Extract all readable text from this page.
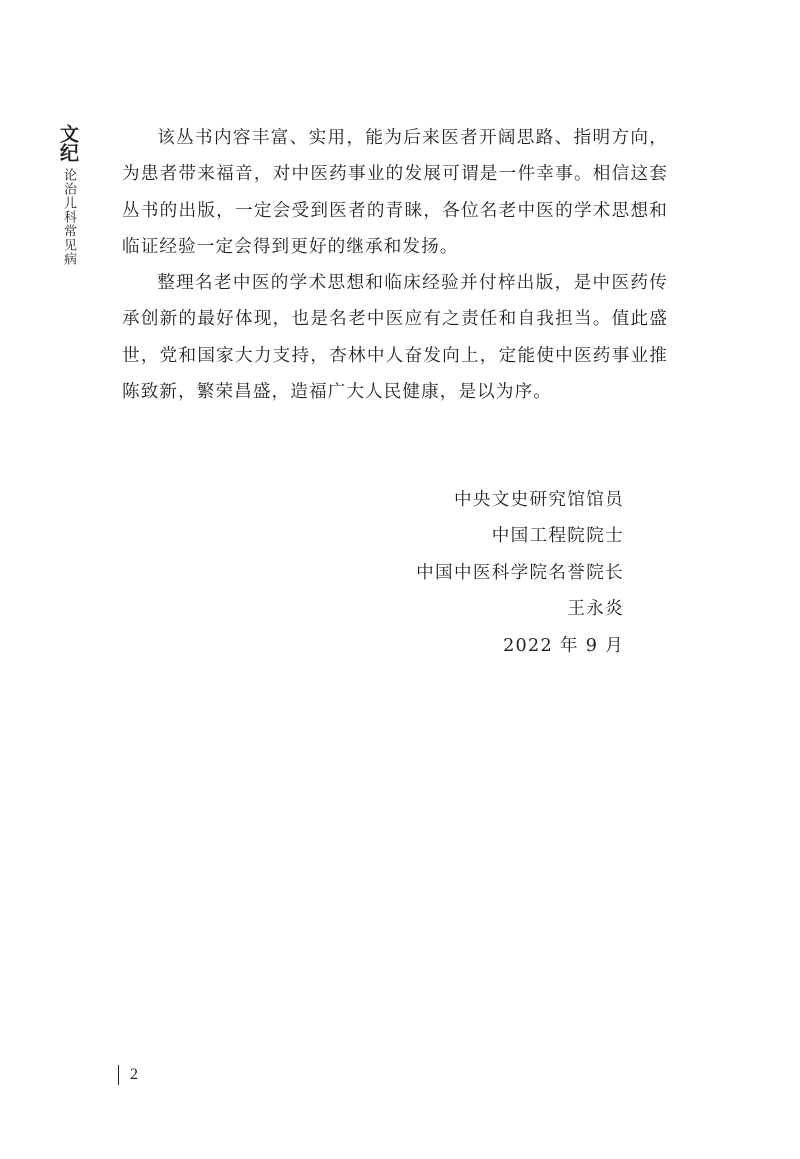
文纪
论治儿科常见病

该丛书内容丰富、实用，能为后来医者开阔思路、指明方向，为患者带来福音，对中医药事业的发展可谓是一件幸事。相信这套丛书的出版，一定会受到医者的青睐，各位名老中医的学术思想和临证经验一定会得到更好的继承和发扬。

整理名老中医的学术思想和临床经验并付梓出版，是中医药传承创新的最好体现，也是名老中医应有之责任和自我担当。值此盛世，党和国家大力支持，杏林中人奋发向上，定能使中医药事业推陈致新，繁荣昌盛，造福广大人民健康，是以为序。

中央文史研究馆馆员
中国工程院院士
中国中医科学院名誉院长
王永炎
2022 年 9 月
2
